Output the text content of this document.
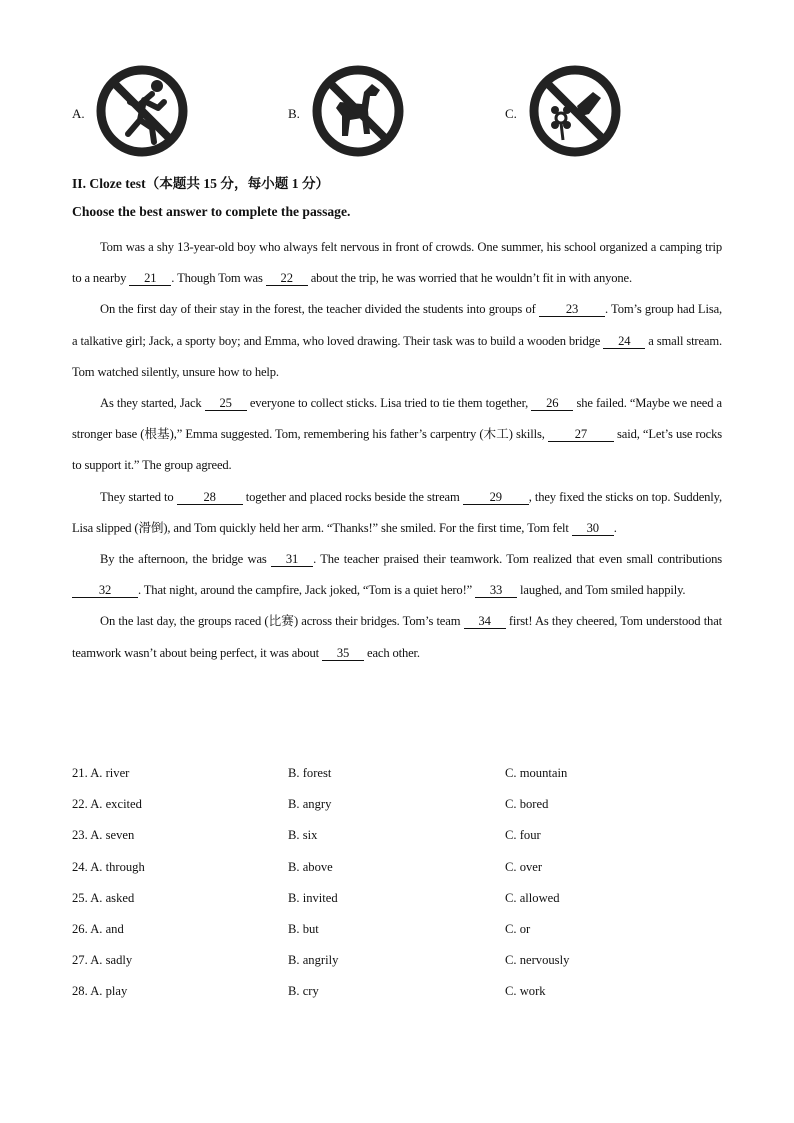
A.	B.	C.
II. Cloze test（本题共 15 分，每小题 1 分）
Choose the best answer to complete the passage.

Tom was a shy 13-year-old boy who always felt nervous in front of crowds. One summer, his school organized a camping trip to a nearby 21 . Though Tom was 22 about the trip, he was worried that he wouldn’t fit in with anyone.

On the first day of their stay in the forest, the teacher divided the students into groups of 23 . Tom’s group had Lisa, a talkative girl; Jack, a sporty boy; and Emma, who loved drawing. Their task was to build a wooden bridge 24 a small stream. Tom watched silently, unsure how to help.

As they started, Jack 25 everyone to collect sticks. Lisa tried to tie them together, 26 she failed. “Maybe we need a stronger base (根基),” Emma suggested. Tom, remembering his father’s carpentry (木工) skills, 27 said, “Let’s use rocks to support it.” The group agreed.

They started to 28 together and placed rocks beside the stream 29 , they fixed the sticks on top. Suddenly, Lisa slipped (滑倒), and Tom quickly held her arm. “Thanks!” she smiled. For the first time, Tom felt 30 .

By the afternoon, the bridge was 31 . The teacher praised their teamwork. Tom realized that even small contributions 32 . That night, around the campfire, Jack joked, “Tom is a quiet hero!” 33 laughed, and Tom smiled happily.

On the last day, the groups raced (比赛) across their bridges. Tom’s team 34 first! As they cheered, Tom understood that teamwork wasn’t about being perfect, it was about 35 each other.

21. A. river	B. forest	C. mountain
22. A. excited	B. angry	C. bored
23. A. seven	B. six	C. four
24. A. through	B. above	C. over
25. A. asked	B. invited	C. allowed
26. A. and	B. but	C. or
27. A. sadly	B. angrily	C. nervously
28. A. play	B. cry	C. work
